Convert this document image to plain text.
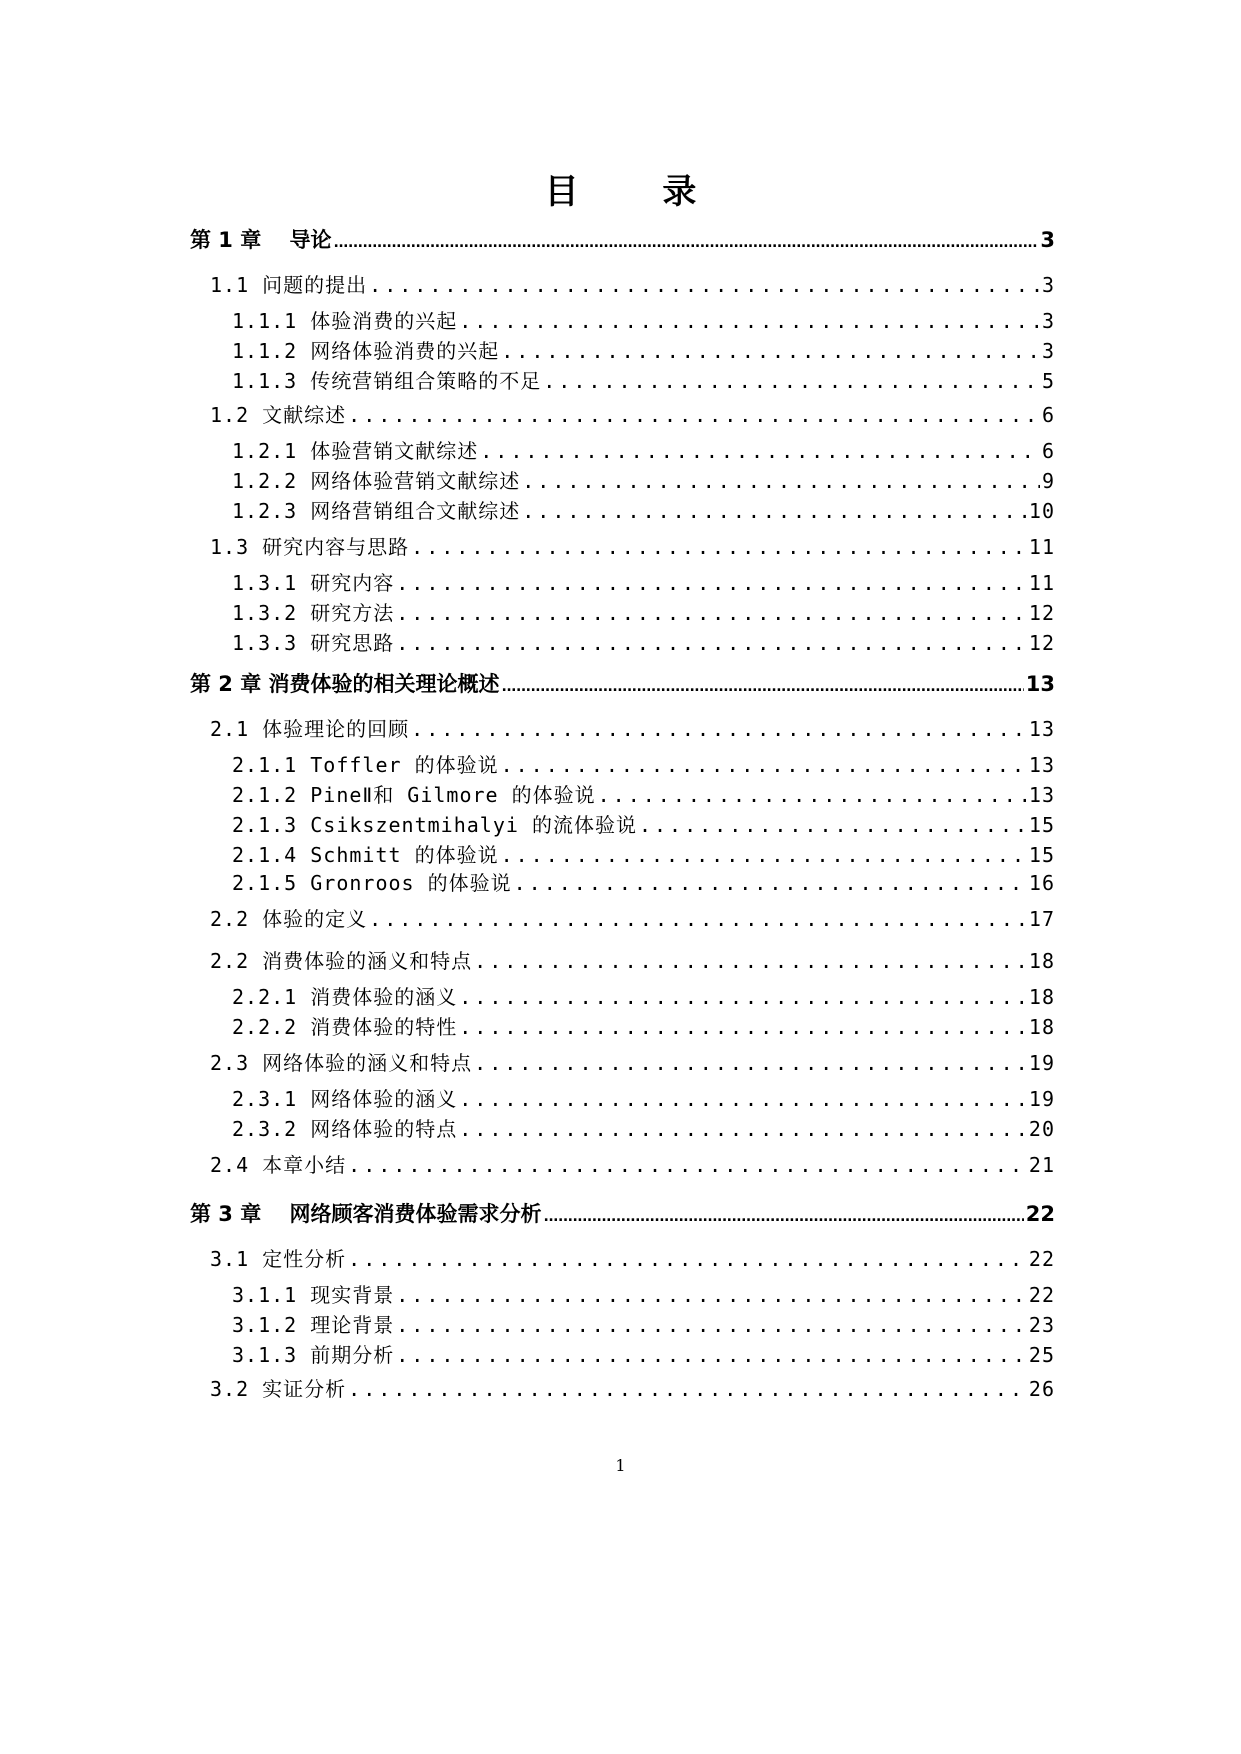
目 录
第 1 章　 导论 .....	3
1.1 问题的提出 .....	3
1.1.1 体验消费的兴起 .....	3
1.1.2 网络体验消费的兴起 .....	3
1.1.3 传统营销组合策略的不足 .....	5
1.2 文献综述 .....	6
1.2.1 体验营销文献综述 .....	6
1.2.2 网络体验营销文献综述 .....	9
1.2.3 网络营销组合文献综述 .....	10
1.3 研究内容与思路 .....	11
1.3.1 研究内容 .....	11
1.3.2 研究方法 .....	12
1.3.3 研究思路 .....	12
第 2 章 消费体验的相关理论概述 .....	13
2.1 体验理论的回顾 .....	13
2.1.1 Toffler 的体验说 .....	13
2.1.2 PineⅡ和 Gilmore 的体验说 .....	13
2.1.3 Csikszentmihalyi 的流体验说 .....	15
2.1.4 Schmitt 的体验说 .....	15
2.1.5 Gronroos 的体验说 .....	16
2.2 体验的定义 .....	17
2.2 消费体验的涵义和特点 .....	18
2.2.1 消费体验的涵义 .....	18
2.2.2 消费体验的特性 .....	18
2.3 网络体验的涵义和特点 .....	19
2.3.1 网络体验的涵义 .....	19
2.3.2 网络体验的特点 .....	20
2.4 本章小结 .....	21
第 3 章　 网络顾客消费体验需求分析 .....	22
3.1 定性分析 .....	22
3.1.1 现实背景 .....	22
3.1.2 理论背景 .....	23
3.1.3 前期分析 .....	25
3.2 实证分析 .....	26
1
